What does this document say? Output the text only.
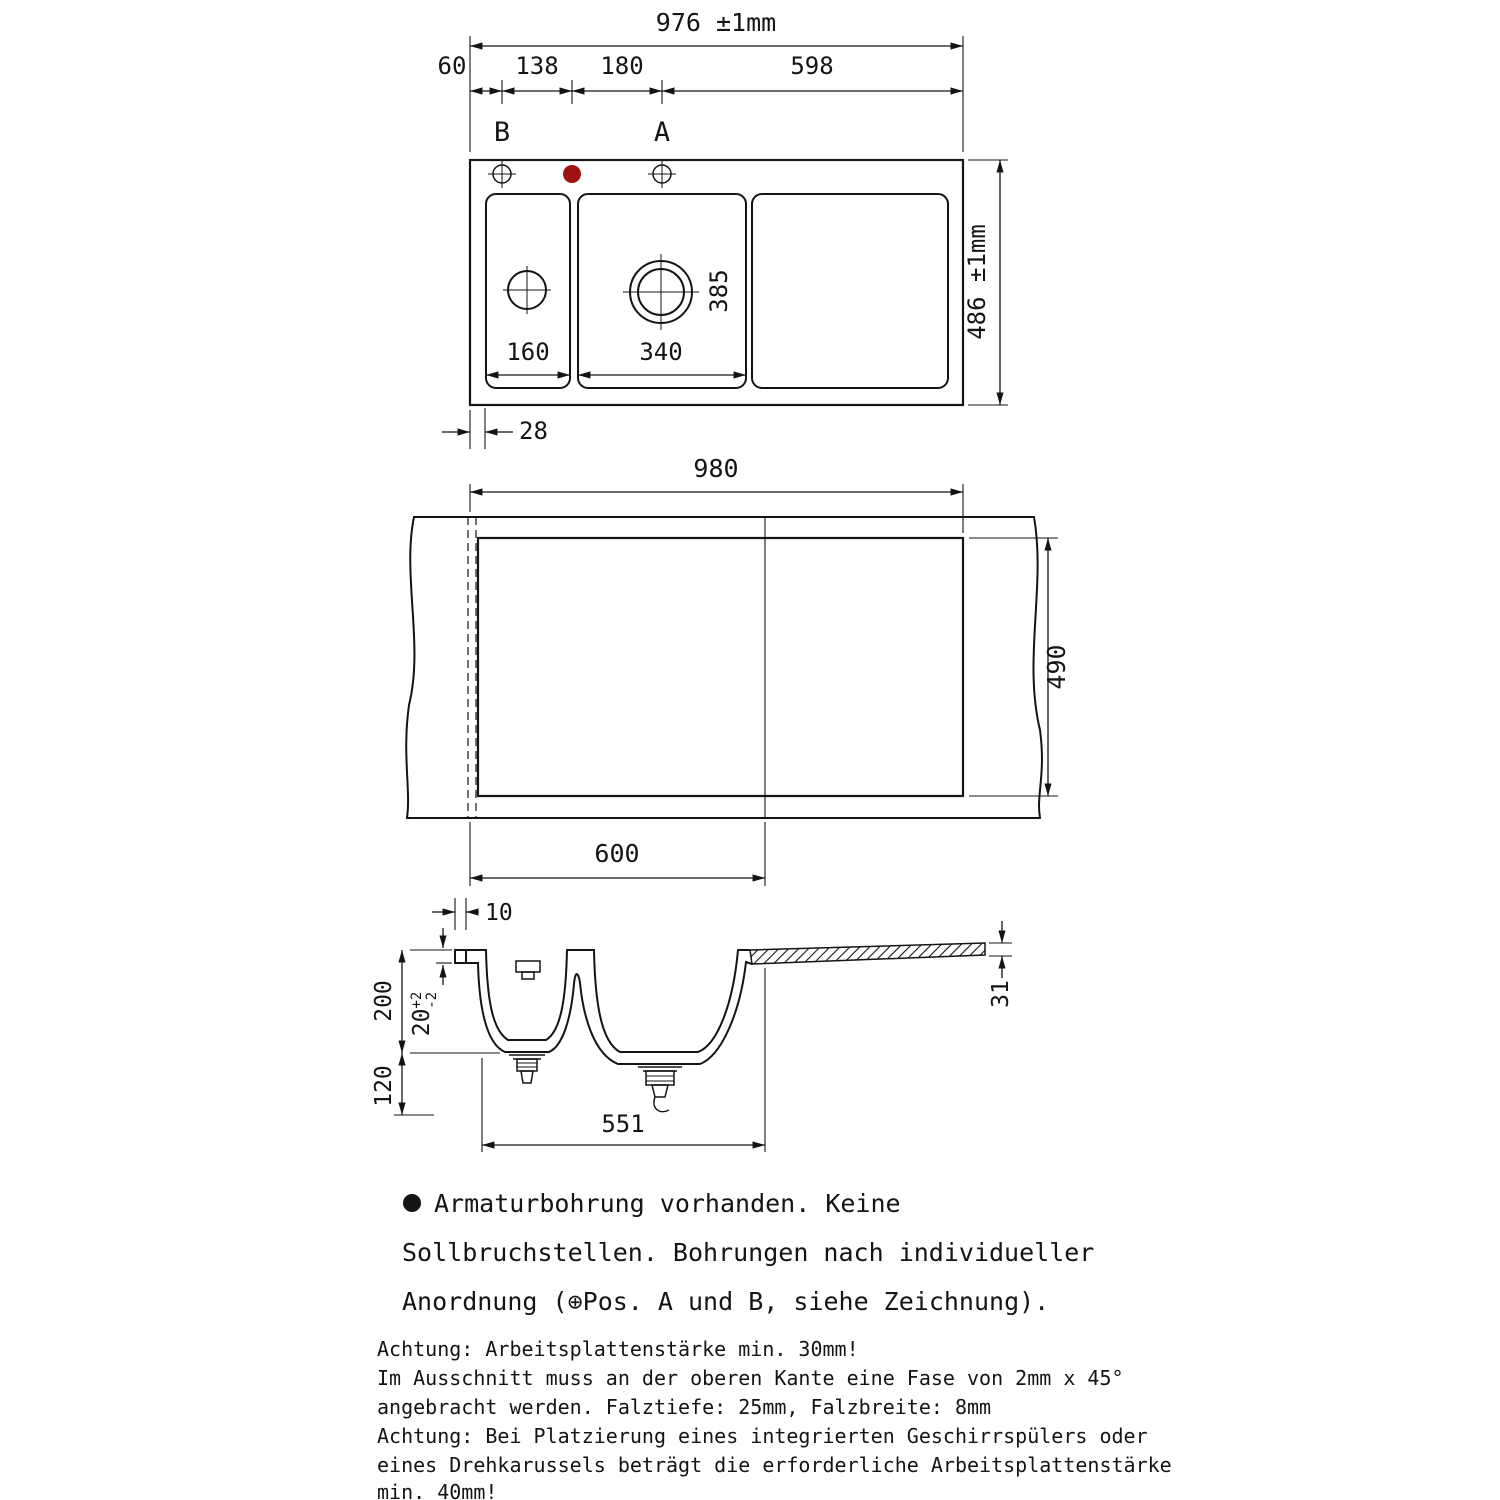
976 ±1mm
60 138 180	598
B	A
385
160	340
486 ±1mm
28
980
490
600
10
31
200
$20^{+2}-2$
120
551
Armaturbohrung vorhanden. Keine
Sollbruchstellen. Bohrungen nach individueller
Anordnung (⊕Pos. A und B, siehe Zeichnung).
Achtung: Arbeitsplattenstärke min. 30mm!
Im Ausschnitt muss an der oberen Kante eine Fase von 2mm x 45°
angebracht werden. Falztiefe: 25mm, Falzbreite: 8mm
Achtung: Bei Platzierung eines integrierten Geschirrspülers oder
eines Drehkarussels beträgt die erforderliche Arbeitsplattenstärke
min. 40mm!
